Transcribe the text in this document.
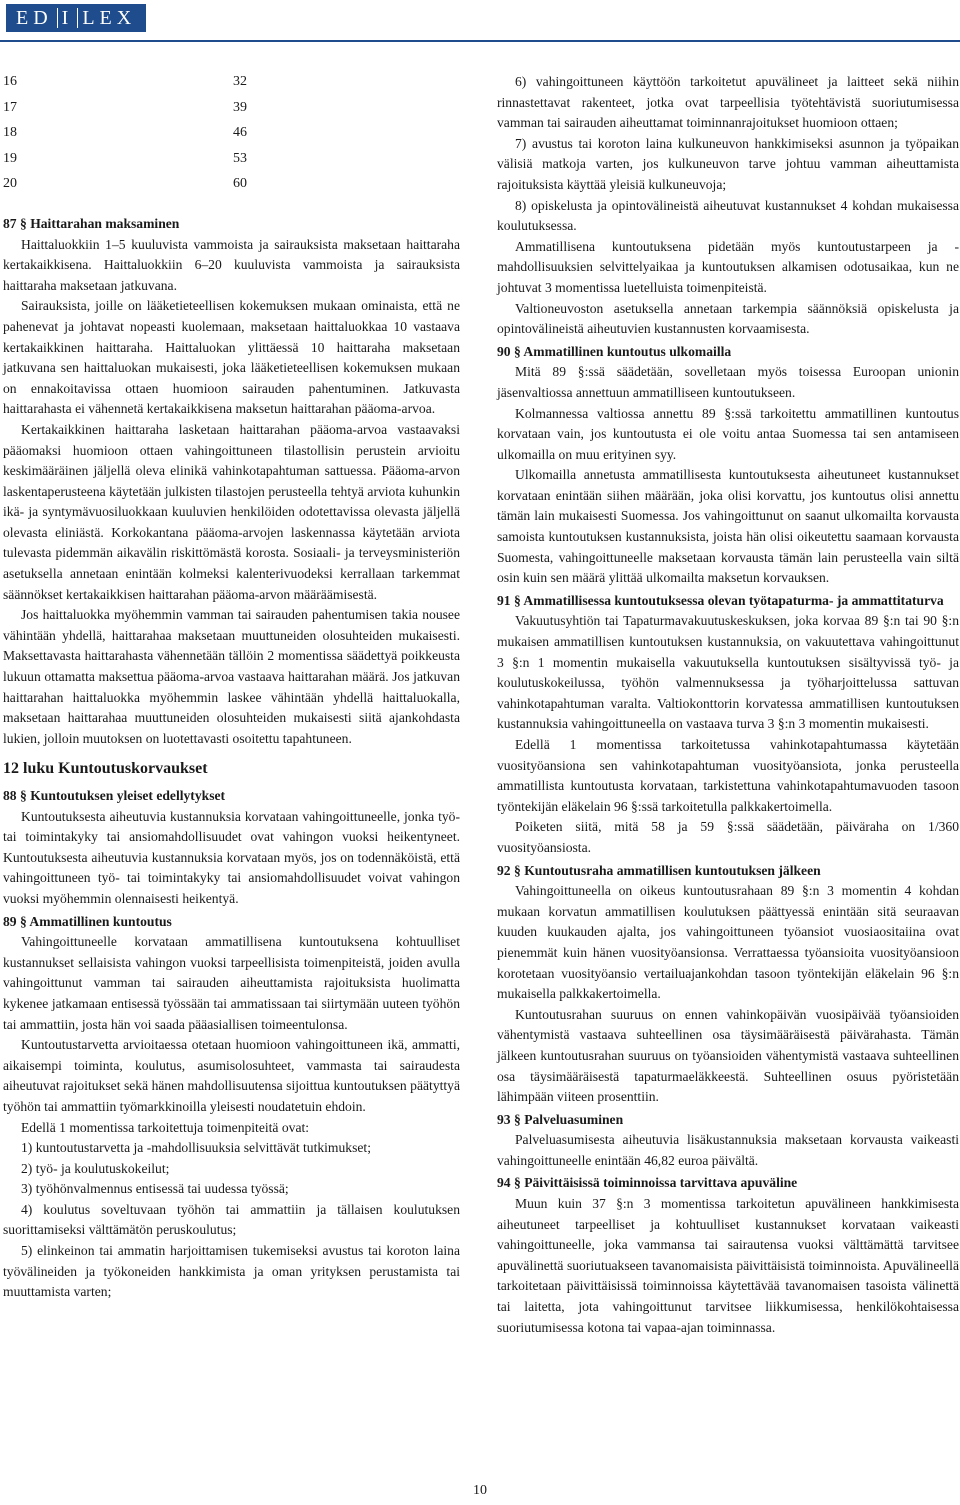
ED I LEX
16	32
17	39
18	46
19	53
20	60

87 § Haittarahan maksaminen

Haittaluokkiin 1–5 kuuluvista vammoista ja sairauksista maksetaan haittaraha kertakaikkisena. Haittaluokkiin 6–20 kuuluvista vammoista ja sairauksista haittaraha maksetaan jatkuvana.

Sairauksista, joille on lääketieteellisen kokemuksen mukaan ominaista, että ne pahenevat ja johtavat nopeasti kuolemaan, maksetaan haittaluokkaa 10 vastaava kertakaikkinen haittaraha. Haittaluokan ylittäessä 10 haittaraha maksetaan jatkuvana sen haittaluokan mukaisesti, joka lääketieteellisen kokemuksen mukaan on ennakoitavissa ottaen huomioon sairauden pahentuminen. Jatkuvasta haittarahasta ei vähennetä kertakaikkisena maksetun haittarahan pääoma-arvoa.

Kertakaikkinen haittaraha lasketaan haittarahan pääoma-arvoa vastaavaksi pääomaksi huomioon ottaen vahingoittuneen tilastollisin perustein arvioitu keskimääräinen jäljellä oleva elinikä vahinkotapahtuman sattuessa. Pääoma-arvon laskentaperusteena käytetään julkisten tilastojen perusteella tehtyä arviota kuhunkin ikä- ja syntymävuosiluokkaan kuuluvien henkilöiden odotettavissa olevasta jäljellä olevasta eliniästä. Korkokantana pääoma-arvojen laskennassa käytetään arviota tulevasta pidemmän aikavälin riskittömästä korosta. Sosiaali- ja terveysministeriön asetuksella annetaan enintään kolmeksi kalenterivuodeksi kerrallaan tarkemmat säännökset kertakaikkisen haittarahan pääoma-arvon määräämisestä.

Jos haittaluokka myöhemmin vamman tai sairauden pahentumisen takia nousee vähintään yhdellä, haittarahaa maksetaan muuttuneiden olosuhteiden mukaisesti. Maksettavasta haittarahasta vähennetään tällöin 2 momentissa säädettyä poikkeusta lukuun ottamatta maksettua pääoma-arvoa vastaava haittarahan määrä. Jos jatkuvan haittarahan haittaluokka myöhemmin laskee vähintään yhdellä haittaluokalla, maksetaan haittarahaa muuttuneiden olosuhteiden mukaisesti siitä ajankohdasta lukien, jolloin muutoksen on luotettavasti osoitettu tapahtuneen.

12 luku Kuntoutuskorvaukset

88 § Kuntoutuksen yleiset edellytykset

Kuntoutuksesta aiheutuvia kustannuksia korvataan vahingoittuneelle, jonka työ- tai toimintakyky tai ansiomahdollisuudet ovat vahingon vuoksi heikentyneet. Kuntoutuksesta aiheutuvia kustannuksia korvataan myös, jos on todennäköistä, että vahingoittuneen työ- tai toimintakyky tai ansiomahdollisuudet voivat vahingon vuoksi myöhemmin olennaisesti heikentyä.

89 § Ammatillinen kuntoutus

Vahingoittuneelle korvataan ammatillisena kuntoutuksena kohtuulliset kustannukset sellaisista vahingon vuoksi tarpeellisista toimenpiteistä, joiden avulla vahingoittunut vamman tai sairauden aiheuttamista rajoituksista huolimatta kykenee jatkamaan entisessä työssään tai ammatissaan tai siirtymään uuteen työhön tai ammattiin, josta hän voi saada pääasiallisen toimeentulonsa.

Kuntoutustarvetta arvioitaessa otetaan huomioon vahingoittuneen ikä, ammatti, aikaisempi toiminta, koulutus, asumisolosuhteet, vammasta tai sairaudesta aiheutuvat rajoitukset sekä hänen mahdollisuutensa sijoittua kuntoutuksen päätyttyä työhön tai ammattiin työmarkkinoilla yleisesti noudatetuin ehdoin.

Edellä 1 momentissa tarkoitettuja toimenpiteitä ovat:

1) kuntoutustarvetta ja -mahdollisuuksia selvittävät tutkimukset;

2) työ- ja koulutuskokeilut;

3) työhönvalmennus entisessä tai uudessa työssä;

4) koulutus soveltuvaan työhön tai ammattiin ja tällaisen koulutuksen suorittamiseksi välttämätön peruskoulutus;

5) elinkeinon tai ammatin harjoittamisen tukemiseksi avustus tai koroton laina työvälineiden ja työkoneiden hankkimista ja oman yrityksen perustamista tai muuttamista varten;

6) vahingoittuneen käyttöön tarkoitetut apuvälineet ja laitteet sekä niihin rinnastettavat rakenteet, jotka ovat tarpeellisia työtehtävistä suoriutumisessa vamman tai sairauden aiheuttamat toiminnanrajoitukset huomioon ottaen;

7) avustus tai koroton laina kulkuneuvon hankkimiseksi asunnon ja työpaikan välisiä matkoja varten, jos kulkuneuvon tarve johtuu vamman aiheuttamista rajoituksista käyttää yleisiä kulkuneuvoja;

8) opiskelusta ja opintovälineistä aiheutuvat kustannukset 4 kohdan mukaisessa koulutuksessa.

Ammatillisena kuntoutuksena pidetään myös kuntoutustarpeen ja -mahdollisuuksien selvittelyaikaa ja kuntoutuksen alkamisen odotusaikaa, kun ne johtuvat 3 momentissa luetelluista toimenpiteistä.

Valtioneuvoston asetuksella annetaan tarkempia säännöksiä opiskelusta ja opintovälineistä aiheutuvien kustannusten korvaamisesta.

90 § Ammatillinen kuntoutus ulkomailla

Mitä 89 §:ssä säädetään, sovelletaan myös toisessa Euroopan unionin jäsenvaltiossa annettuun ammatilliseen kuntoutukseen.

Kolmannessa valtiossa annettu 89 §:ssä tarkoitettu ammatillinen kuntoutus korvataan vain, jos kuntoutusta ei ole voitu antaa Suomessa tai sen antamiseen ulkomailla on muu erityinen syy.

Ulkomailla annetusta ammatillisesta kuntoutuksesta aiheutuneet kustannukset korvataan enintään siihen määrään, joka olisi korvattu, jos kuntoutus olisi annettu tämän lain mukaisesti Suomessa. Jos vahingoittunut on saanut ulkomailta korvausta samoista kuntoutuksen kustannuksista, joista hän olisi oikeutettu saamaan korvausta Suomesta, vahingoittuneelle maksetaan korvausta tämän lain perusteella vain siltä osin kuin sen määrä ylittää ulkomailta maksetun korvauksen.

91 § Ammatillisessa kuntoutuksessa olevan työtapaturma- ja ammattitaturva

Vakuutusyhtiön tai Tapaturmavakuutuskeskuksen, joka korvaa 89 §:n tai 90 §:n mukaisen ammatillisen kuntoutuksen kustannuksia, on vakuutettava vahingoittunut 3 §:n 1 momentin mukaisella vakuutuksella kuntoutuksen sisältyvissä työ- ja koulutuskokeilussa, työhön valmennuksessa ja työharjoittelussa sattuvan vahinkotapahtuman varalta. Valtiokonttorin korvatessa ammatillisen kuntoutuksen kustannuksia vahingoittuneella on vastaava turva 3 §:n 3 momentin mukaisesti.

Edellä 1 momentissa tarkoitetussa vahinkotapahtumassa käytetään vuosityöansiona sen vahinkotapahtuman vuosityöansiota, jonka perusteella ammatillista kuntoutusta korvataan, tarkistettuna vahinkotapahtumavuoden tasoon työntekijän eläkelain 96 §:ssä tarkoitetulla palkkakertoimella.

Poiketen siitä, mitä 58 ja 59 §:ssä säädetään, päiväraha on 1/360 vuosityöansiosta.

92 § Kuntoutusraha ammatillisen kuntoutuksen jälkeen

Vahingoittuneella on oikeus kuntoutusrahaan 89 §:n 3 momentin 4 kohdan mukaan korvatun ammatillisen koulutuksen päättyessä enintään sitä seuraavan kuuden kuukauden ajalta, jos vahingoittuneen työansiot vuosiaositaiina ovat pienemmät kuin hänen vuosityöansionsa. Verrattaessa työansioita vuosityöansioon korotetaan vuosityöansio vertailuajankohdan tasoon työntekijän eläkelain 96 §:n mukaisella palkkakertoimella.

Kuntoutusrahan suuruus on ennen vahinkopäivän vuosipäivää työansioiden vähentymistä vastaava suhteellinen osa täysimääräisestä päivärahasta. Tämän jälkeen kuntoutusrahan suuruus on työansioiden vähentymistä vastaava suhteellinen osa täysimääräisestä tapaturmaeläkkeestä. Suhteellinen osuus pyöristetään lähimpään viiteen prosenttiin.

93 § Palveluasuminen

Palveluasumisesta aiheutuvia lisäkustannuksia maksetaan korvausta vaikeasti vahingoittuneelle enintään 46,82 euroa päivältä.

94 § Päivittäisissä toiminnoissa tarvittava apuväline

Muun kuin 37 §:n 3 momentissa tarkoitetun apuvälineen hankkimisesta aiheutuneet tarpeelliset ja kohtuulliset kustannukset korvataan vaikeasti vahingoittuneelle, joka vammansa tai sairautensa vuoksi välttämättä tarvitsee apuvälinettä suoriutuakseen tavanomaisista päivittäisistä toiminnoista. Apuvälineellä tarkoitetaan päivittäisissä toiminnoissa käytettävää tavanomaisen tasoista välinettä tai laitetta, jota vahingoittunut tarvitsee liikkumisessa, henkilökohtaisessa suoriutumisessa kotona tai vapaa-ajan toiminnassa.

10
